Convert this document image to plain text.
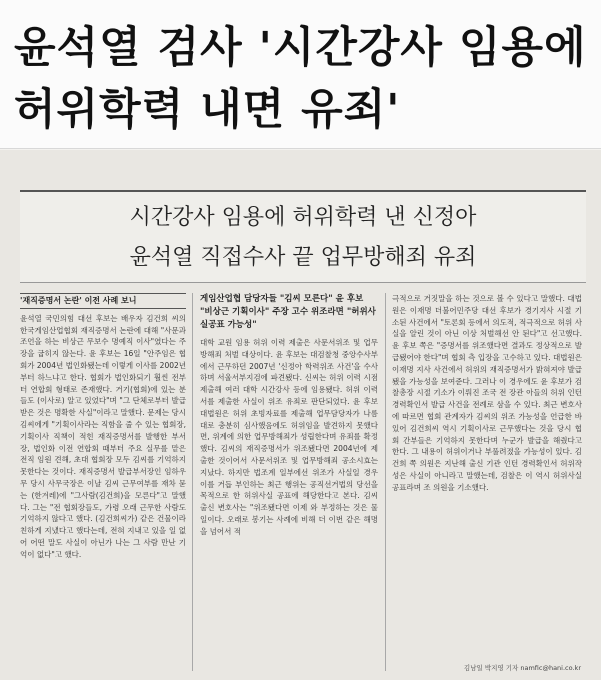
윤석열 검사 '시간강사 임용에
허위학력 내면 유죄'
시간강사 임용에 허위학력 낸 신정아
윤석열 직접수사 끝 업무방해죄 유죄
'재직증명서 논란' 이전 사례 보니
윤석열 국민의힘 대선 후보는 배우자 김건희 씨의 한국게임산업협회 재직증명서 논란에 대해 "사문과 조언을 하는 비상근 무보수 명예직 이사"였다는 주장을 굽히지 않는다. 윤 후보는 16일 "안주임은 협회가 2004년 법인화됐는데 이렇게 이사를 2002년부터 하느냐고 한다. 협회가 법인화되기 훨씬 전부터 연합회 형태로 존재했다. 거기(협회)에 있는 분들도 (이사로) 알고 있었다"며 "그 단체로부터 발급받은 것은 명확한 사실"이라고 말했다. 문제는 당시 김씨에게 "기획이사라는 직함을 줄 수 있는 협회장, 기획이사 직책이 적힌 재직증명서를 발행한 부서장, 법인화 이전 연합회 때부터 주요 실무를 맡은 전직 임원 견해, 초대 협회장 모두 김씨를 기억하지 못한다는 것이다. 재직증명서 발급부서장인 임하우무 당시 사무국장은 이날 김씨 근무여부를 재차 묻는 (한겨레)에 "그사람(김건희)을 모른다"고 말했다. 그는 "전 협회장들도, 가령 오래 근무한 사람도 기억하지 않다고 했다. (김건희씨가) 같은 건물이라 친하게 지냈다고 했다는데, 전혀 지내고 있을 일 없어 어떤 말도 사실이 아닌가 나는 그 사람 만난 기억이 없다"고 했다.
게임산업협 담당자들 "김씨 모른다" 윤 후보 "비상근 기획이사" 주장 고수 위조라면 "허위사실공표 가능성"
대학 교원 임용 허위 이력 제출은 사문서위조 및 업무방해죄 처벌 대상이다. 윤 후보는 대검찰청 중앙수사부에서 근무하던 2007년 '신정아 학력위조 사건'을 수사하며 서울서부지검에 파견됐다. 신씨는 허위 이력 시점 제출해 여러 대학 시간강사 등에 임용됐다. 허위 이력서를 제출한 사실이 위조 유죄로 판단되었다. 윤 후보 대법원은 허위 초빙자료를 제출해 업무담당자가 나름대로 충분히 심사했음에도 허위임을 발견하지 못했다면, 위계에 의한 업무방해죄가 성립한다며 유죄를 확정했다. 김씨의 재직증명서가 위조됐다면 2004년에 제출한 것이어서 사문서위조 및 업무방해죄 공소시효는 지났다. 하지만 법조계 일부에선 위조가 사실일 경우 이를 거듭 부인하는 최근 행위는 공직선거법의 당선을 목적으로 한 허위사실 공표에 해당한다고 본다. 김씨 출신 변호사는 "위조됐다면 이제 와 부정하는 것은 물 일이다. 오래로 봉기는 사례에 비해 더 이번 같은 해명을 넘어서 적
극적으로 거짓말을 하는 것으로 볼 수 있다고 말했다. 대법원은 이재명 더불어민주당 대선 후보가 경기지사 시절 기소된 사건에서 "토론회 등에서 의도적, 적극적으로 허위 사실을 알린 것이 아닌 이상 처벌해선 안 된다"고 선고했다. 윤 후보 쪽은 "증명서를 위조했다면 결과도 정상적으로 발급됐어야 한다"며 협회 측 입장을 고수하고 있다. 대법원은 이재명 지사 사건에서 허위의 재직증명서가 밝혀져야 발급됐을 가능성을 보여준다. 그러나 이 경우에도 윤 후보가 검찰총장 시절 기소가 이뤄진 조국 전 장관 아들의 허위 인턴 경력확인서 발급 사건을 전례로 삼을 수 있다. 최근 변호사에 따르면 협회 관계자가 김씨의 위조 가능성을 언급한 바 있어 김건희씨 역시 기획이사로 근무했다는 것을 당시 협회 간부들은 기억하지 못한다며 누군가 발급을 해줬다고 한다. 그 내용이 허위이거나 부풀려졌을 가능성이 있다. 김건희 쪽 의원은 지난해 출신 기관 인턴 경력확인서 허위작성은 사실이 아니라고 말했는데, 검찰은 이 역시 허위사실 공표라며 조 의원을 기소했다.
김남일 박지영 기자 namfic@hani.co.kr
